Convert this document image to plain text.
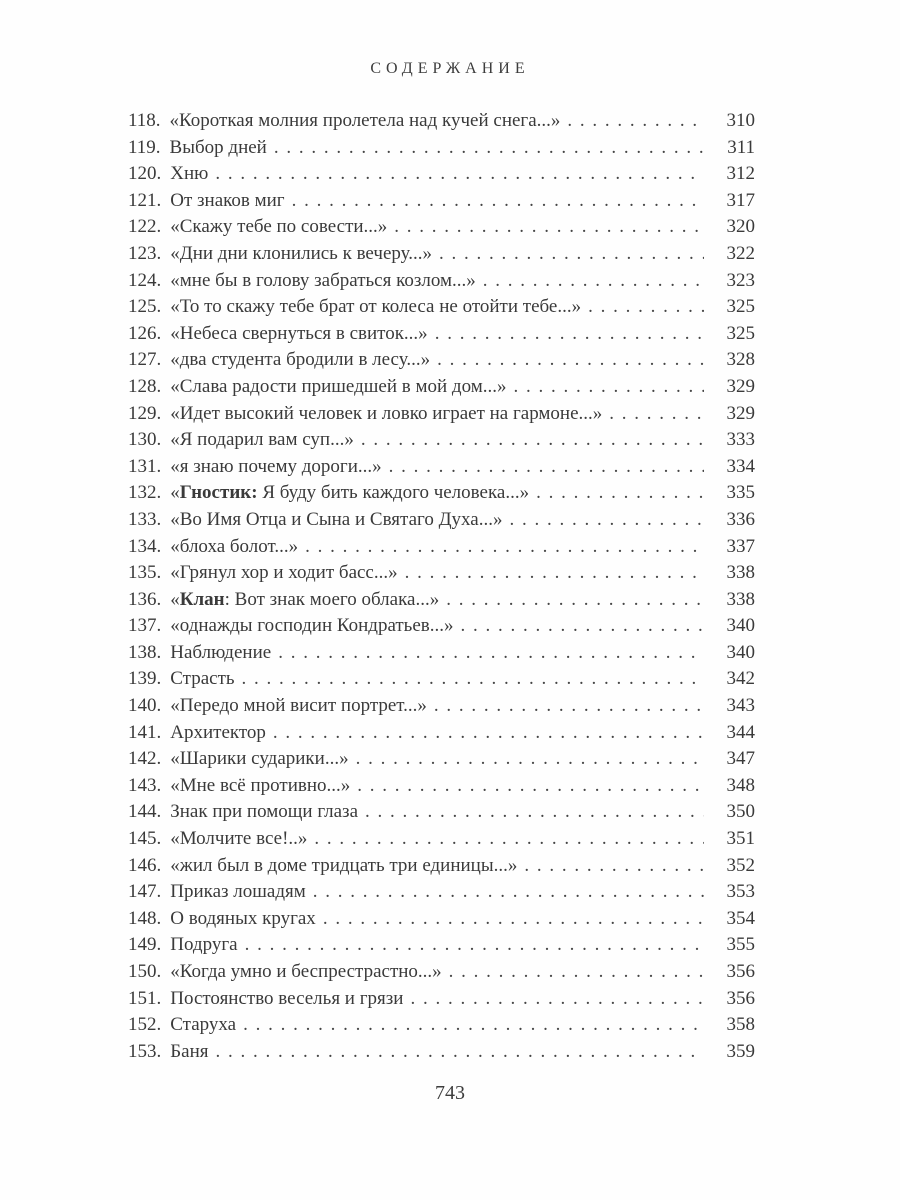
СОДЕРЖАНИЕ
118. «Короткая молния пролетела над кучей снега...» . . .	310
119. Выбор дней . . .	311
120. Хню . . .	312
121. От знаков миг . . .	317
122. «Скажу тебе по совести...» . . .	320
123. «Дни дни клонились к вечеру...» . . .	322
124. «мне бы в голову забраться козлом...» . . .	323
125. «То то скажу тебе брат от колеса не отойти тебе...» . . .	325
126. «Небеса свернуться в свиток...» . . .	325
127. «два студента бродили в лесу...» . . .	328
128. «Слава радости пришедшей в мой дом...» . . .	329
129. «Идет высокий человек и ловко играет на гармоне...» . . .	329
130. «Я подарил вам суп...» . . .	333
131. «я знаю почему дороги...» . . .	334
132. «Гностик: Я буду бить каждого человека...» . . .	335
133. «Во Имя Отца и Сына и Святаго Духа...» . . .	336
134. «блоха болот...» . . .	337
135. «Грянул хор и ходит басс...» . . .	338
136. «Клан: Вот знак моего облака...» . . .	338
137. «однажды господин Кондратьев...» . . .	340
138. Наблюдение . . .	340
139. Страсть . . .	342
140. «Передо мной висит портрет...» . . .	343
141. Архитектор . . .	344
142. «Шарики сударики...» . . .	347
143. «Мне всё противно...» . . .	348
144. Знак при помощи глаза . . .	350
145. «Молчите все!..» . . .	351
146. «жил был в доме тридцать три единицы...» . . .	352
147. Приказ лошадям . . .	353
148. О водяных кругах . . .	354
149. Подруга . . .	355
150. «Когда умно и беспрестрастно...» . . .	356
151. Постоянство веселья и грязи . . .	356
152. Старуха . . .	358
153. Баня . . .	359
743
